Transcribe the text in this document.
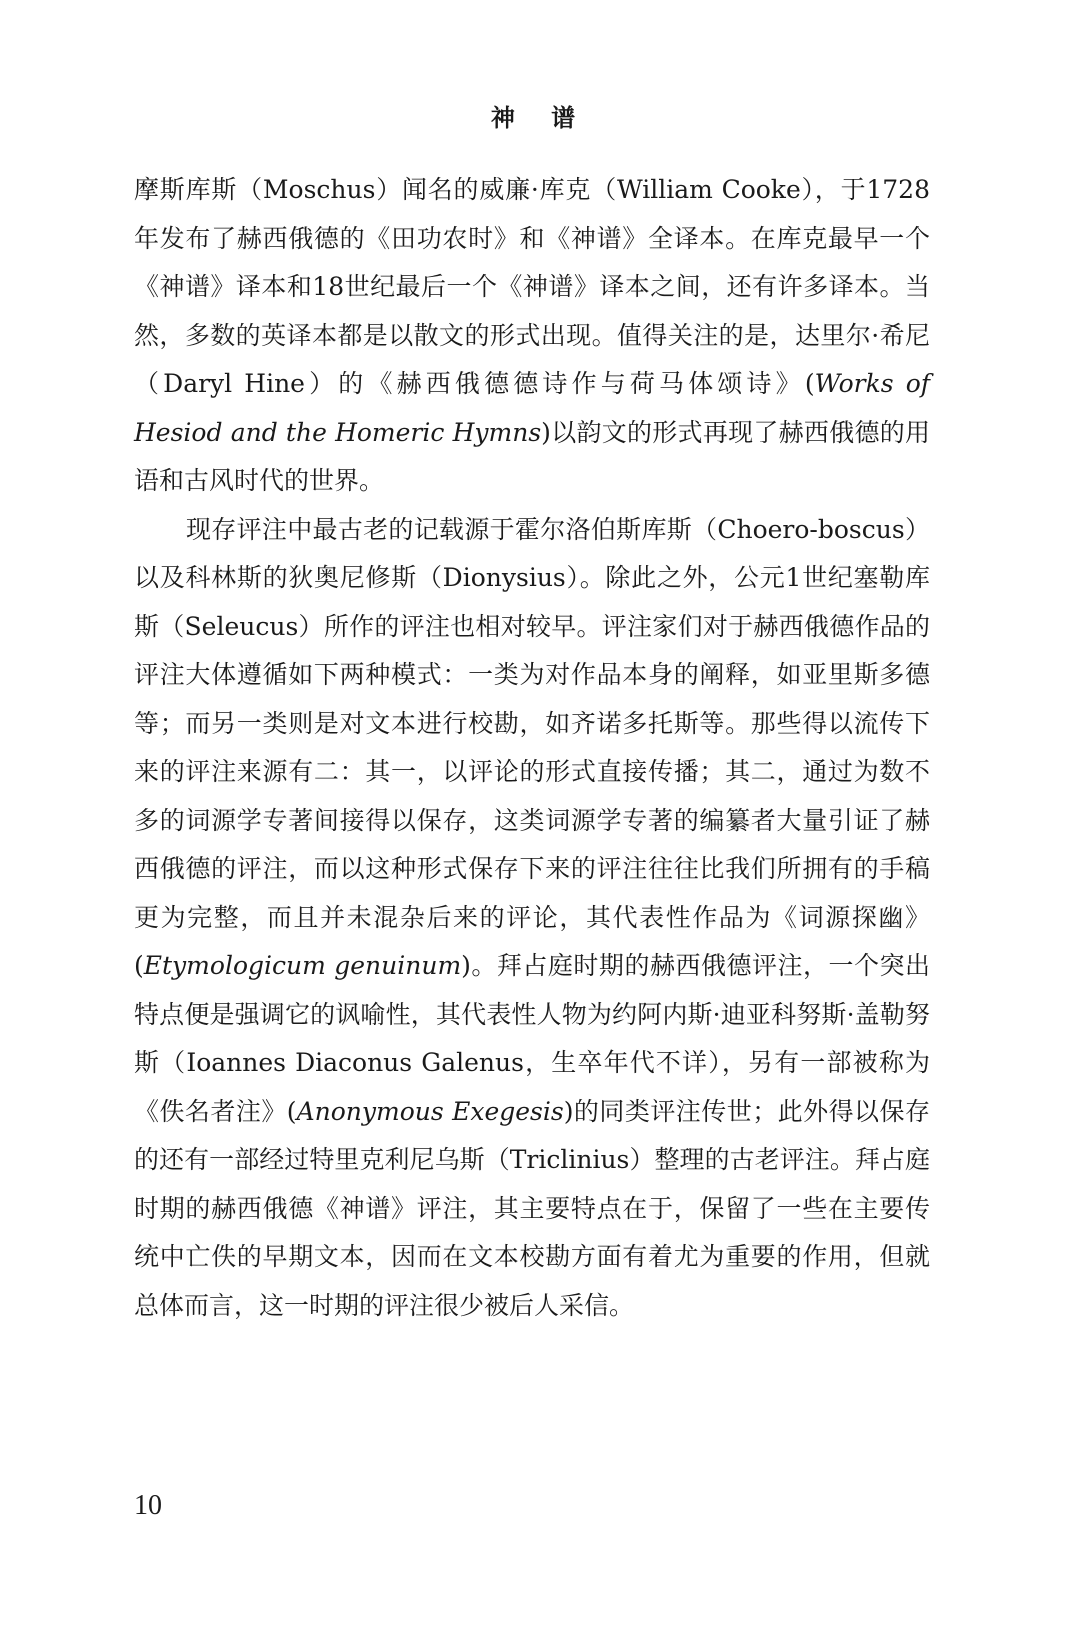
神 谱

摩斯库斯（Moschus）闻名的威廉·库克（William Cooke），于1728年发布了赫西俄德的《田功农时》和《神谱》全译本。在库克最早一个《神谱》译本和18世纪最后一个《神谱》译本之间，还有许多译本。当然，多数的英译本都是以散文的形式出现。值得关注的是，达里尔·希尼（Daryl Hine）的《赫西俄德德诗作与荷马体颂诗》(Works of Hesiod and the Homeric Hymns)以韵文的形式再现了赫西俄德的用语和古风时代的世界。

现存评注中最古老的记载源于霍尔洛伯斯库斯（Choero-boscus）以及科林斯的狄奥尼修斯（Dionysius）。除此之外，公元1世纪塞勒库斯（Seleucus）所作的评注也相对较早。评注家们对于赫西俄德作品的评注大体遵循如下两种模式：一类为对作品本身的阐释，如亚里斯多德等；而另一类则是对文本进行校勘，如齐诺多托斯等。那些得以流传下来的评注来源有二：其一，以评论的形式直接传播；其二，通过为数不多的词源学专著间接得以保存，这类词源学专著的编纂者大量引证了赫西俄德的评注，而以这种形式保存下来的评注往往比我们所拥有的手稿更为完整，而且并未混杂后来的评论，其代表性作品为《词源探幽》(Etymologicum genuinum)。拜占庭时期的赫西俄德评注，一个突出特点便是强调它的讽喻性，其代表性人物为约阿内斯·迪亚科努斯·盖勒努斯（Ioannes Diaconus Galenus，生卒年代不详），另有一部被称为《佚名者注》(Anonymous Exegesis)的同类评注传世；此外得以保存的还有一部经过特里克利尼乌斯（Triclinius）整理的古老评注。拜占庭时期的赫西俄德《神谱》评注，其主要特点在于，保留了一些在主要传统中亡佚的早期文本，因而在文本校勘方面有着尤为重要的作用，但就总体而言，这一时期的评注很少被后人采信。

10
